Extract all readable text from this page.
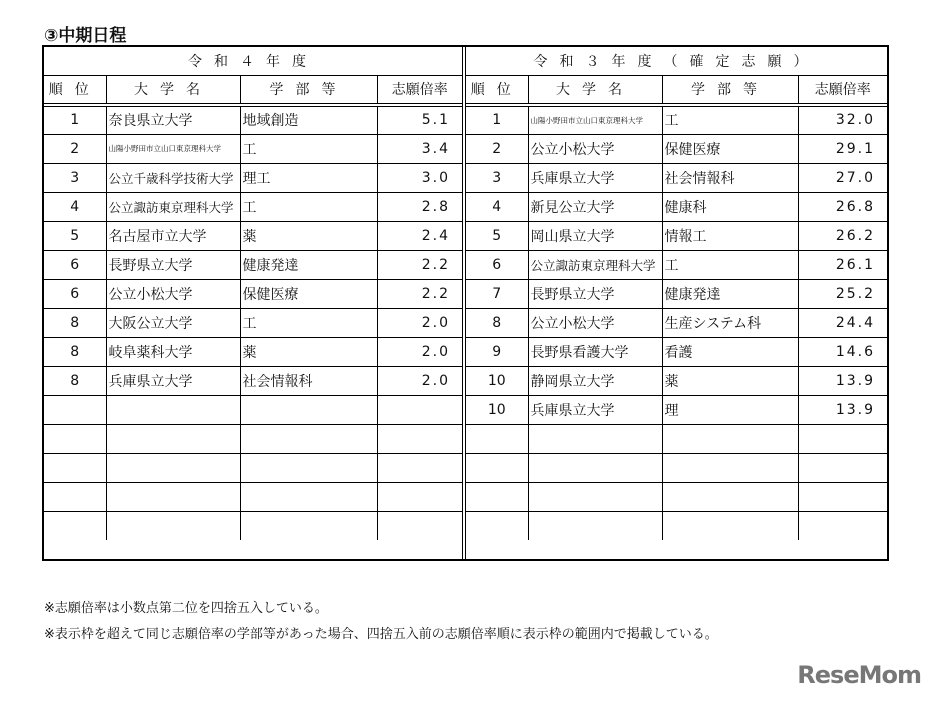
③中期日程
令和４年度			
順位	大学名	学部等	志願倍率
1	奈良県立大学	地域創造	5.1
2	山陽小野田市立山口東京理科大学	工	3.4
3	公立千歳科学技術大学	理工	3.0
4	公立諏訪東京理科大学	工	2.8
5	名古屋市立大学	薬	2.4
6	長野県立大学	健康発達	2.2
6	公立小松大学	保健医療	2.2
8	大阪公立大学	工	2.0
8	岐阜薬科大学	薬	2.0
8	兵庫県立大学	社会情報科	2.0

令和３年度（確定志願）			
順位	大学名	学部等	志願倍率
1	山陽小野田市立山口東京理科大学	工	32.0
2	公立小松大学	保健医療	29.1
3	兵庫県立大学	社会情報科	27.0
4	新見公立大学	健康科	26.8
5	岡山県立大学	情報工	26.2
6	公立諏訪東京理科大学	工	26.1
7	長野県立大学	健康発達	25.2
8	公立小松大学	生産システム科	24.4
9	長野県看護大学	看護	14.6
10	静岡県立大学	薬	13.9
10	兵庫県立大学	理	13.9

※志願倍率は小数点第二位を四捨五入している。
※表示枠を超えて同じ志願倍率の学部等があった場合、四捨五入前の志願倍率順に表示枠の範囲内で掲載している。
ReseMom
